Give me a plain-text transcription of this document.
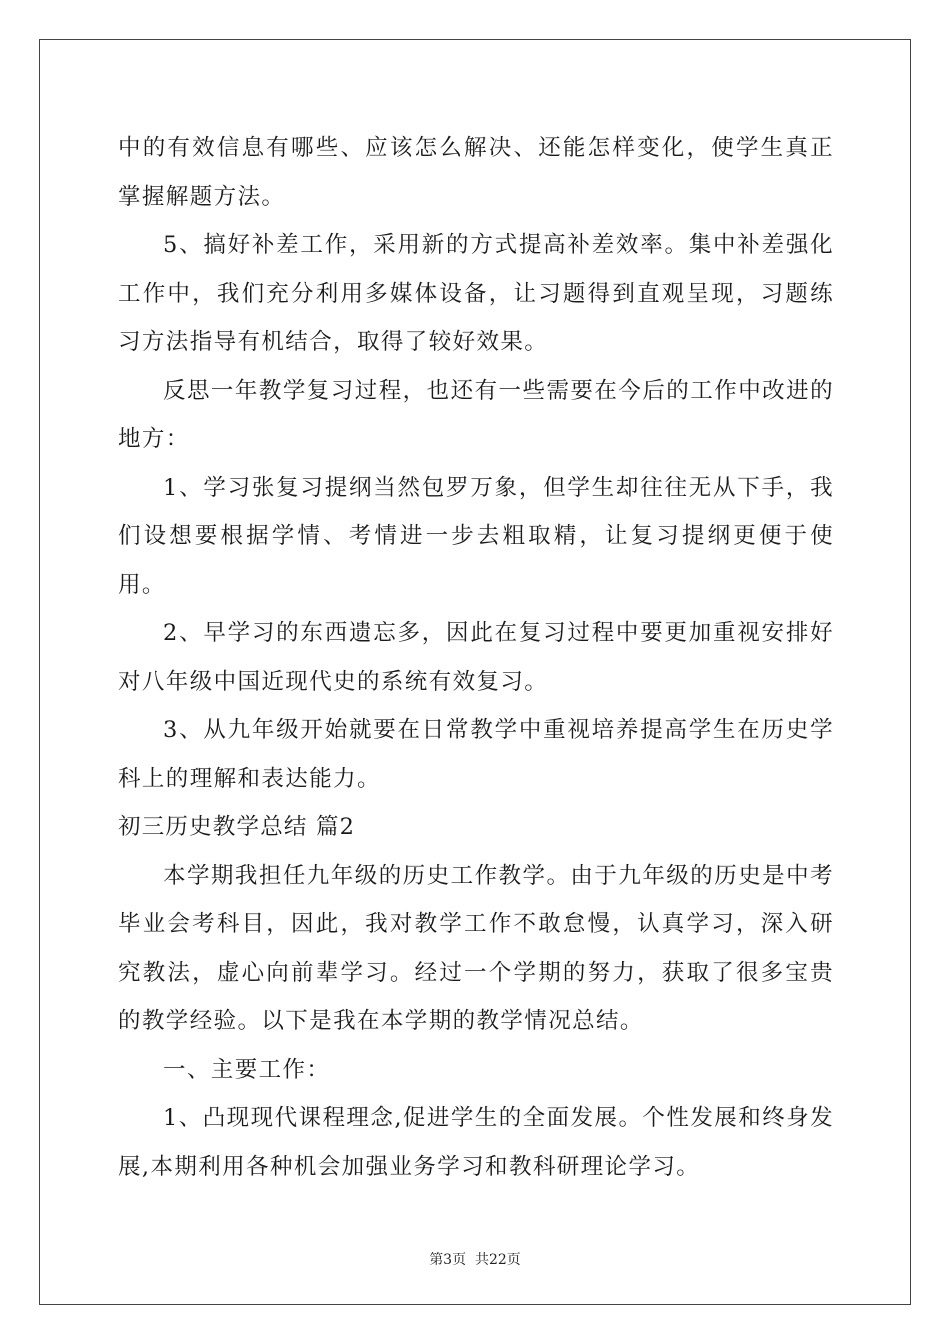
中的有效信息有哪些、应该怎么解决、还能怎样变化，使学生真正掌握解题方法。

5、搞好补差工作，采用新的方式提高补差效率。集中补差强化工作中，我们充分利用多媒体设备，让习题得到直观呈现，习题练习方法指导有机结合，取得了较好效果。

反思一年教学复习过程，也还有一些需要在今后的工作中改进的地方：

1、学习张复习提纲当然包罗万象，但学生却往往无从下手，我们设想要根据学情、考情进一步去粗取精，让复习提纲更便于使用。

2、早学习的东西遗忘多，因此在复习过程中要更加重视安排好对八年级中国近现代史的系统有效复习。

3、从九年级开始就要在日常教学中重视培养提高学生在历史学科上的理解和表达能力。

初三历史教学总结 篇2

本学期我担任九年级的历史工作教学。由于九年级的历史是中考毕业会考科目，因此，我对教学工作不敢怠慢，认真学习，深入研究教法，虚心向前辈学习。经过一个学期的努力，获取了很多宝贵的教学经验。以下是我在本学期的教学情况总结。

一、主要工作：

1、凸现现代课程理念,促进学生的全面发展。个性发展和终身发展,本期利用各种机会加强业务学习和教科研理论学习。

第3页  共22页
